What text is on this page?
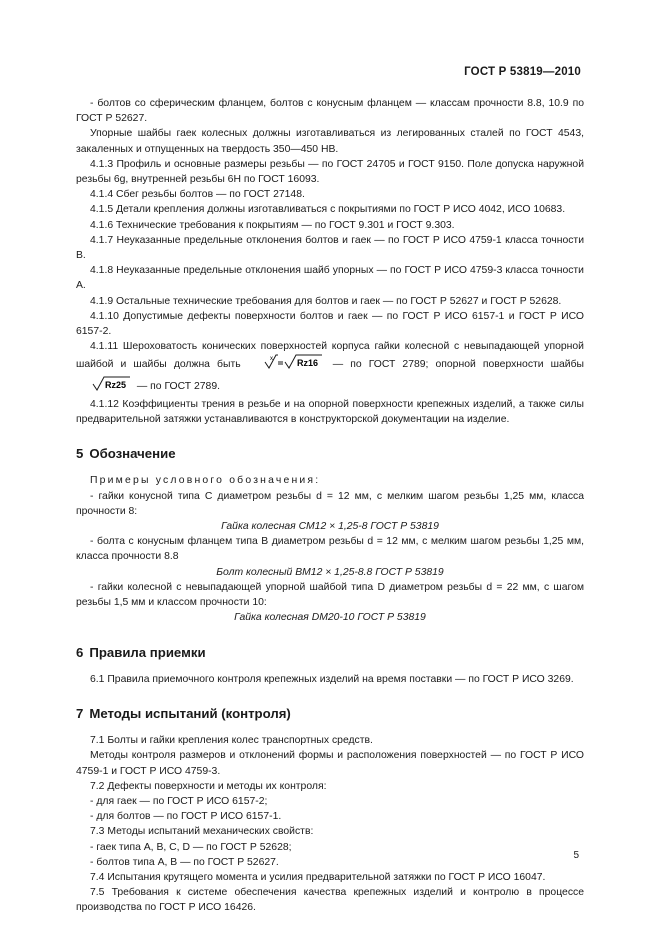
ГОСТ Р 53819—2010

- болтов со сферическим фланцем, болтов с конусным фланцем — классам прочности 8.8, 10.9 по ГОСТ Р 52627.

Упорные шайбы гаек колесных должны изготавливаться из легированных сталей по ГОСТ 4543, закаленных и отпущенных на твердость 350—450 НВ.

4.1.3 Профиль и основные размеры резьбы — по ГОСТ 24705 и ГОСТ 9150. Поле допуска наружной резьбы 6g, внутренней резьбы 6Н по ГОСТ 16093.

4.1.4 Сбег резьбы болтов — по ГОСТ 27148.

4.1.5 Детали крепления должны изготавливаться с покрытиями по ГОСТ Р ИСО 4042, ИСО 10683.

4.1.6 Технические требования к покрытиям — по ГОСТ 9.301 и ГОСТ 9.303.

4.1.7 Неуказанные предельные отклонения болтов и гаек — по ГОСТ Р ИСО 4759-1 класса точности В.

4.1.8 Неуказанные предельные отклонения шайб упорных — по ГОСТ Р ИСО 4759-3 класса точности А.

4.1.9 Остальные технические требования для болтов и гаек — по ГОСТ Р 52627 и ГОСТ Р 52628.

4.1.10 Допустимые дефекты поверхности болтов и гаек — по ГОСТ Р ИСО 6157-1 и ГОСТ Р ИСО 6157-2.

4.1.11 Шероховатость конических поверхностей корпуса гайки колесной с невыпадающей упорной шайбой и шайбы должна быть	x	Rz16 — по ГОСТ 2789; опорной поверхности шайбы
Rz25 — по ГОСТ 2789.

4.1.12 Коэффициенты трения в резьбе и на опорной поверхности крепежных изделий, а также силы предварительной затяжки устанавливаются в конструкторской документации на изделие.

5 Обозначение

Примеры условного обозначения:

- гайки конусной типа С диаметром резьбы d = 12 мм, с мелким шагом резьбы 1,25 мм, класса прочности 8:

Гайка колесная СМ12 × 1,25-8 ГОСТ Р 53819

- болта с конусным фланцем типа В диаметром резьбы d = 12 мм, с мелким шагом резьбы 1,25 мм, класса прочности 8.8

Болт колесный ВМ12 × 1,25-8.8 ГОСТ Р 53819

- гайки колесной с невыпадающей упорной шайбой типа D диаметром резьбы d = 22 мм, с шагом резьбы 1,5 мм и классом прочности 10:

Гайка колесная DM20-10 ГОСТ Р 53819

6 Правила приемки

6.1 Правила приемочного контроля крепежных изделий на время поставки — по ГОСТ Р ИСО 3269.

7 Методы испытаний (контроля)

7.1 Болты и гайки крепления колес транспортных средств.

Методы контроля размеров и отклонений формы и расположения поверхностей — по ГОСТ Р ИСО 4759-1 и ГОСТ Р ИСО 4759-3.

7.2 Дефекты поверхности и методы их контроля:

- для гаек — по ГОСТ Р ИСО 6157-2;

- для болтов — по ГОСТ Р ИСО 6157-1.

7.3 Методы испытаний механических свойств:

- гаек типа А, В, С, D — по ГОСТ Р 52628;

- болтов типа А, В — по ГОСТ Р 52627.

7.4 Испытания крутящего момента и усилия предварительной затяжки по ГОСТ Р ИСО 16047.

7.5 Требования к системе обеспечения качества крепежных изделий и контролю в процессе производства по ГОСТ Р ИСО 16426.

5
